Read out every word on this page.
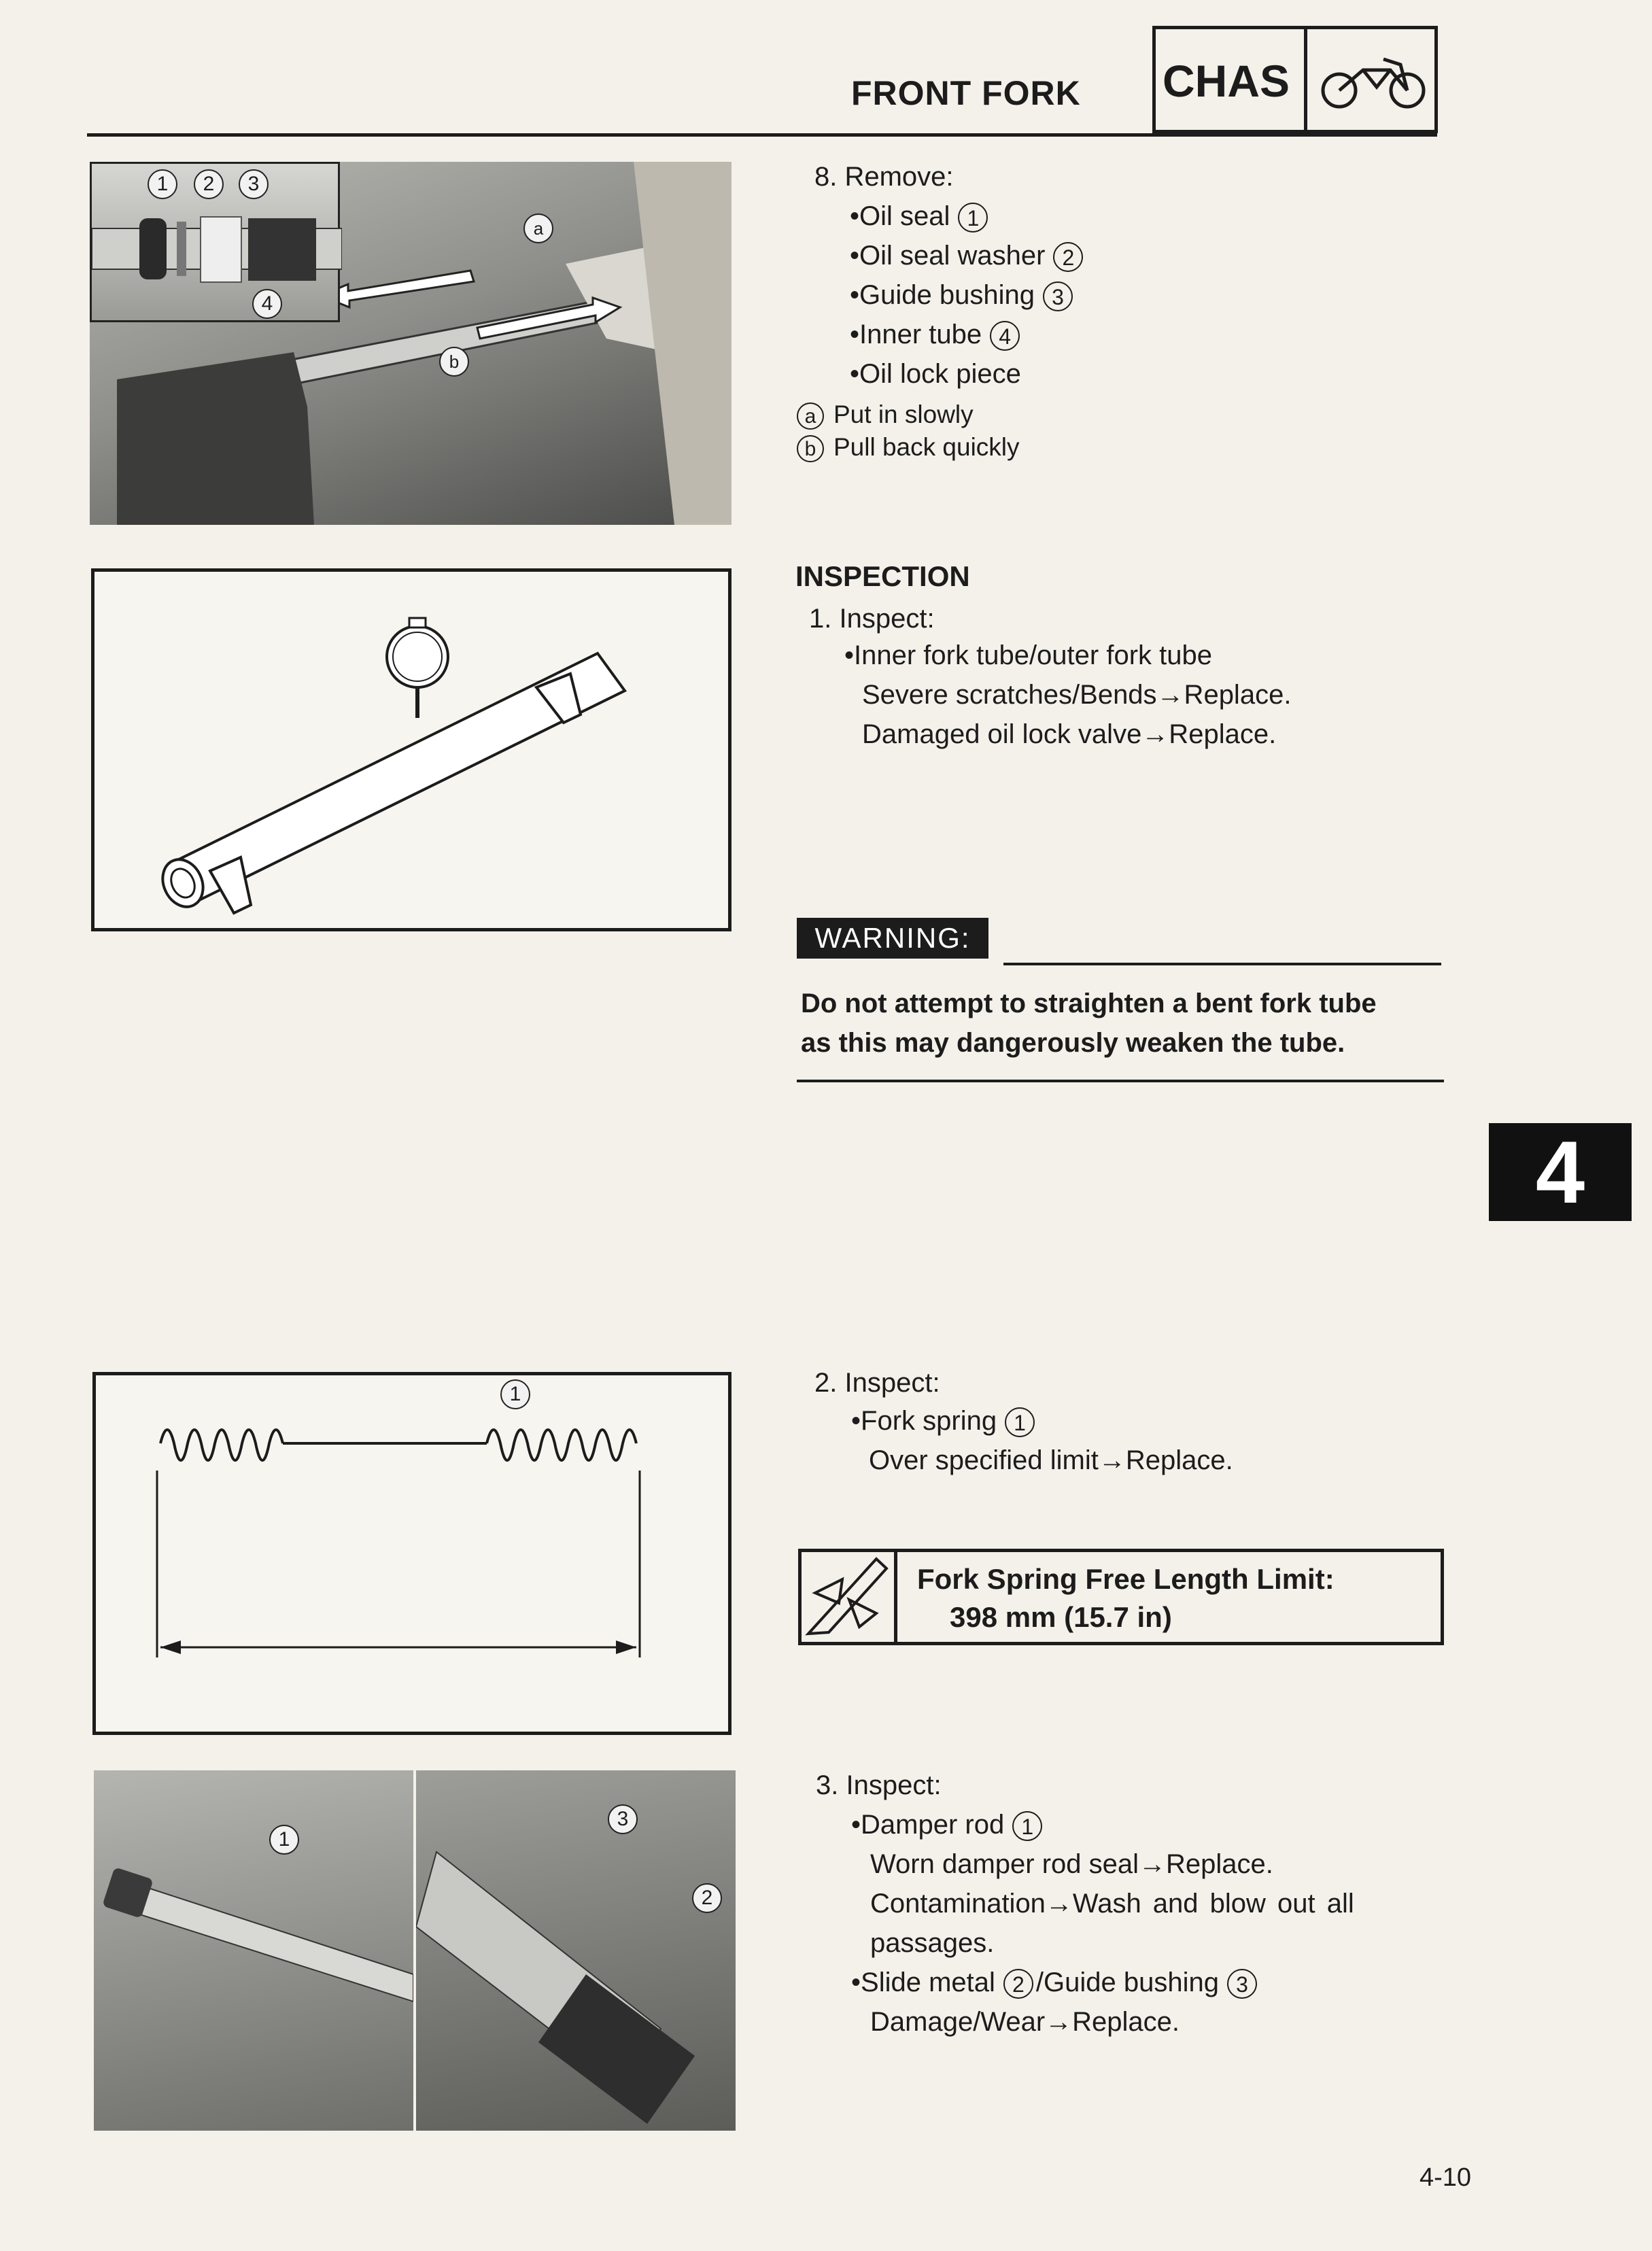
FRONT FORK CHAS
1	2	3
4
a
b
1
1
3
2
8. Remove:
•Oil seal 1
•Oil seal washer 2
•Guide bushing 3
•Inner tube 4
•Oil lock piece
a Put in slowly
b Pull back quickly
INSPECTION
1. Inspect:
•Inner fork tube/outer fork tube
Severe scratches/Bends→Replace.
Damaged oil lock valve→Replace.
WARNING:
Do not attempt to straighten a bent fork tube
as this may dangerously weaken the tube.
4
2. Inspect:
•Fork spring 1
Over specified limit→Replace.
Fork Spring Free Length Limit:
398 mm (15.7 in)
3. Inspect:
•Damper rod 1
Worn damper rod seal→Replace.
Contamination→Wash and blow out all
passages.
•Slide metal 2 /Guide bushing 3
Damage/Wear→Replace.
4-10
